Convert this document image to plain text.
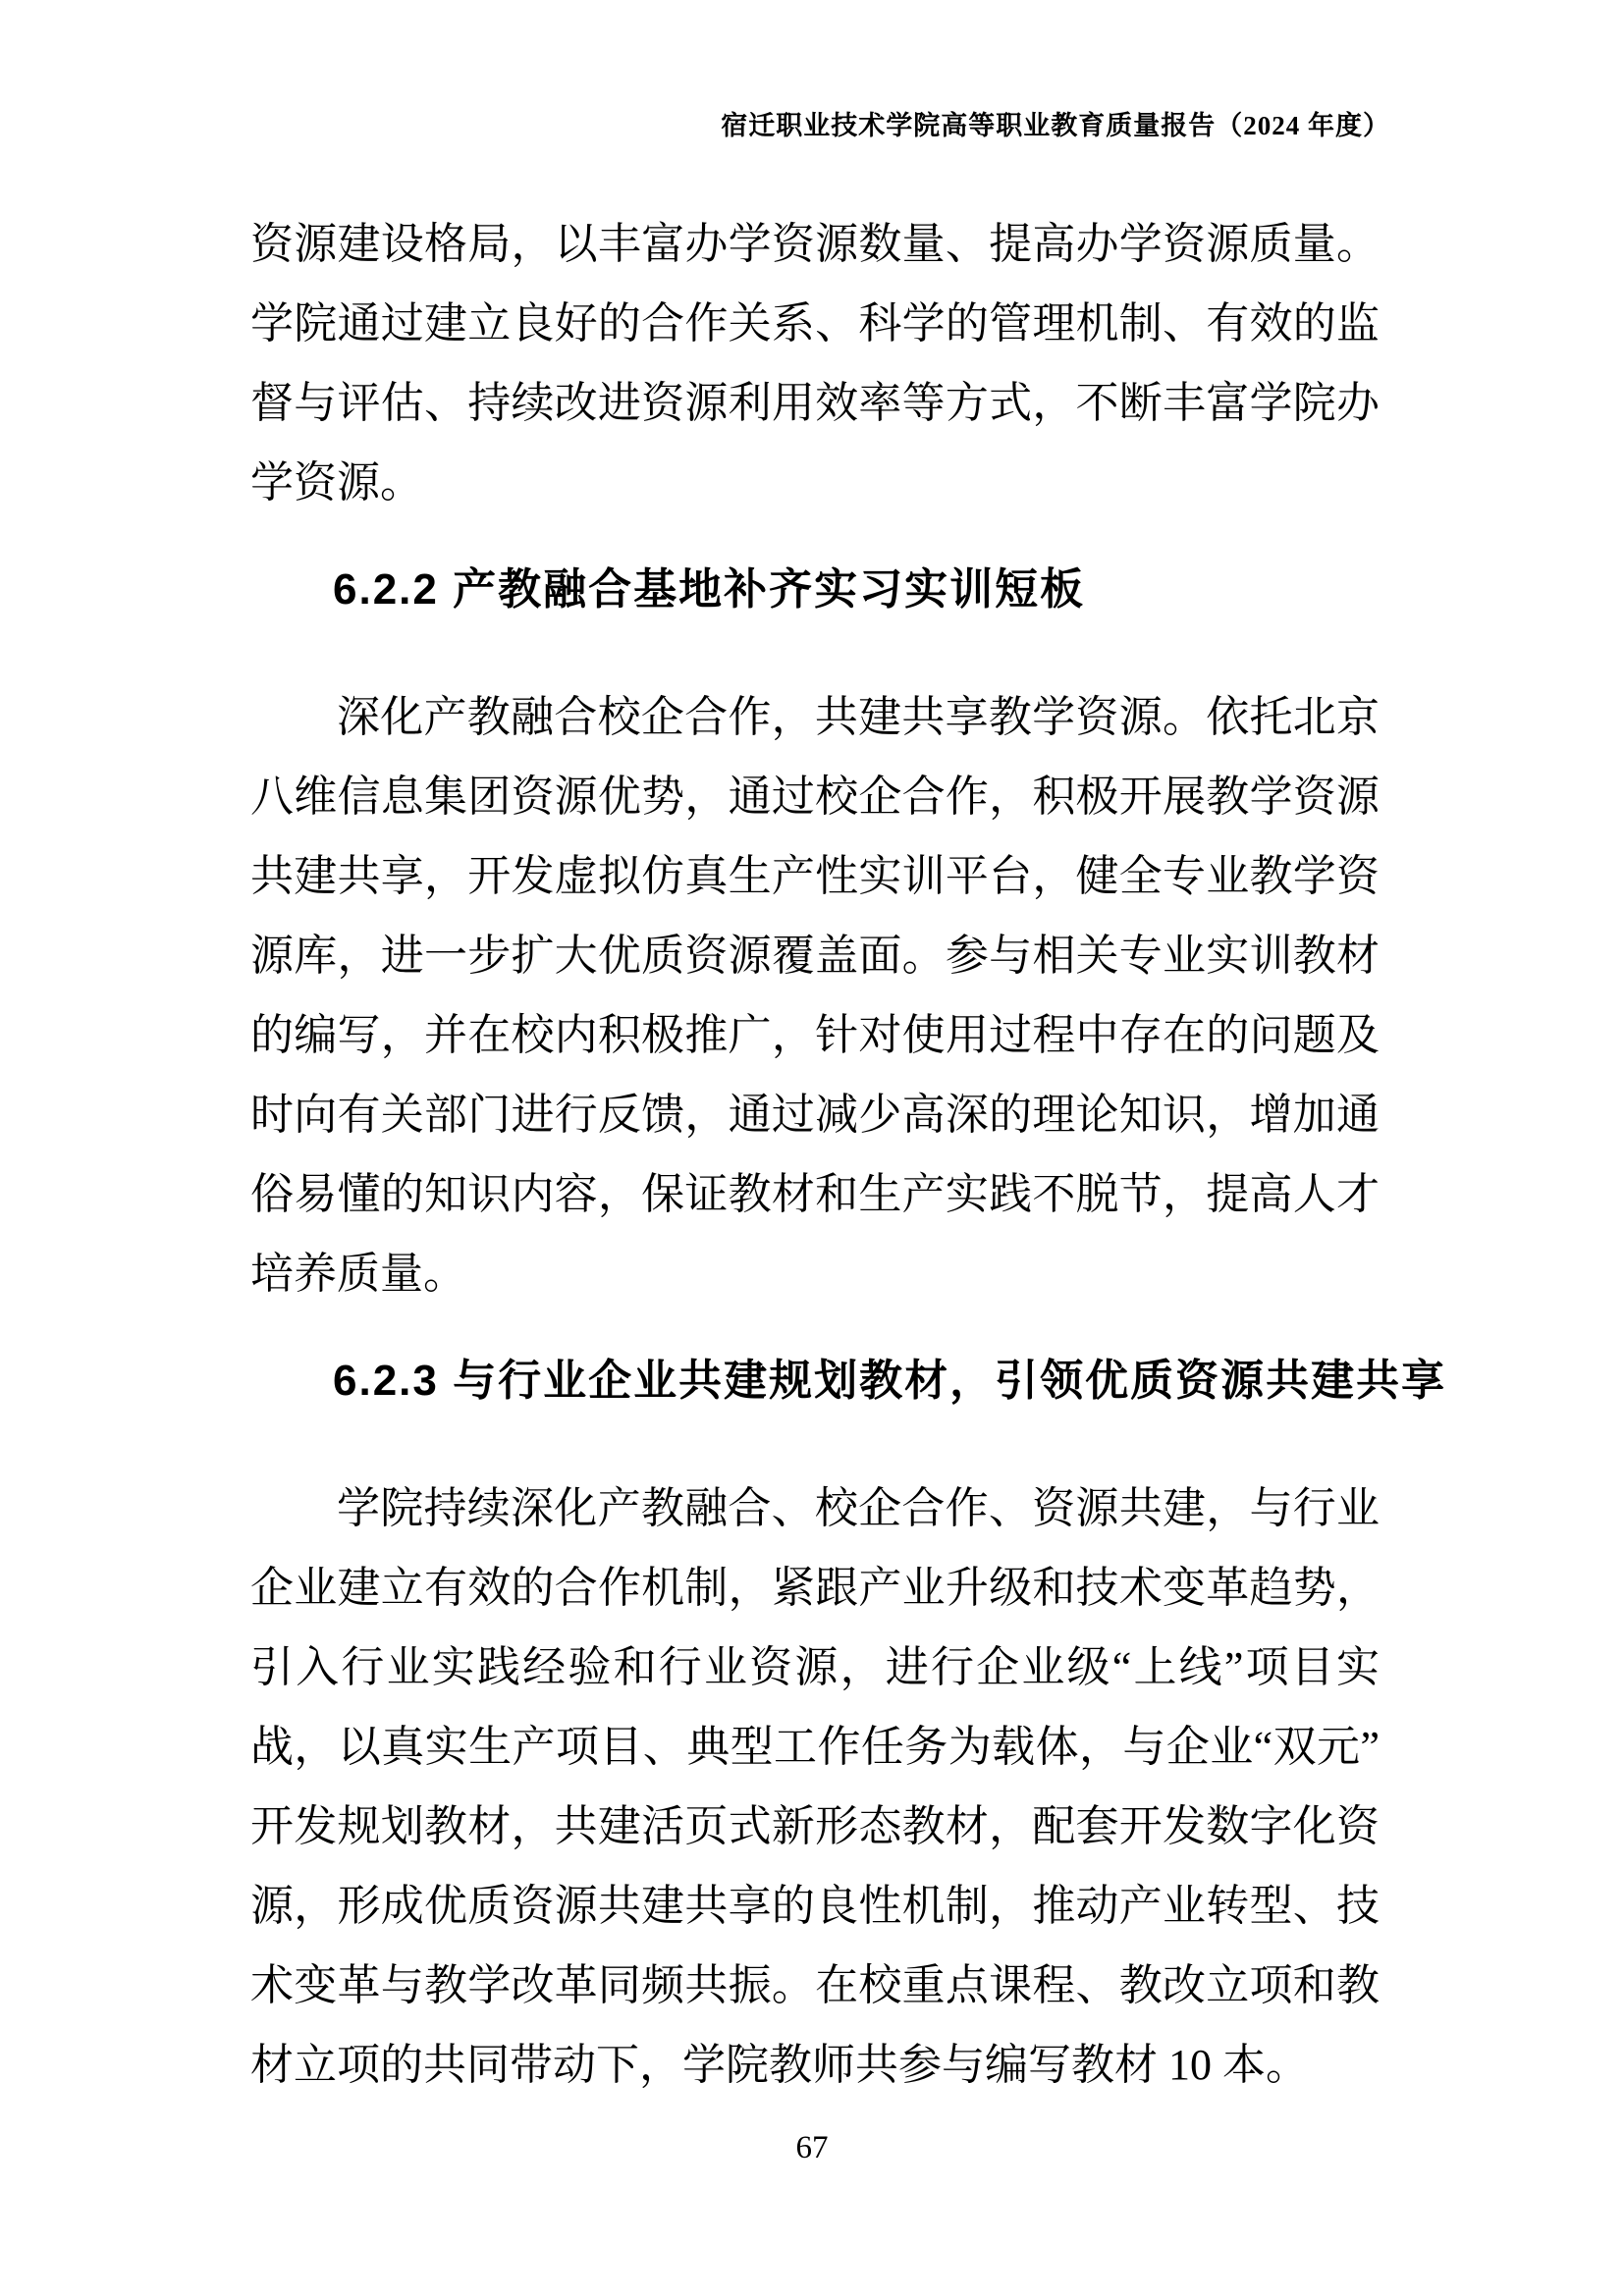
宿迁职业技术学院高等职业教育质量报告（2024 年度）
资源建设格局，以丰富办学资源数量、提高办学资源质量。
学院通过建立良好的合作关系、科学的管理机制、有效的监
督与评估、持续改进资源利用效率等方式，不断丰富学院办
学资源。
6.2.2 产教融合基地补齐实习实训短板
深化产教融合校企合作，共建共享教学资源。依托北京
八维信息集团资源优势，通过校企合作，积极开展教学资源
共建共享，开发虚拟仿真生产性实训平台，健全专业教学资
源库，进一步扩大优质资源覆盖面。参与相关专业实训教材
的编写，并在校内积极推广，针对使用过程中存在的问题及
时向有关部门进行反馈，通过减少高深的理论知识，增加通
俗易懂的知识内容，保证教材和生产实践不脱节，提高人才
培养质量。
6.2.3 与行业企业共建规划教材，引领优质资源共建共享
学院持续深化产教融合、校企合作、资源共建，与行业
企业建立有效的合作机制，紧跟产业升级和技术变革趋势，
引入行业实践经验和行业资源，进行企业级“上线”项目实
战，以真实生产项目、典型工作任务为载体，与企业“双元”
开发规划教材，共建活页式新形态教材，配套开发数字化资
源，形成优质资源共建共享的良性机制，推动产业转型、技
术变革与教学改革同频共振。在校重点课程、教改立项和教
材立项的共同带动下，学院教师共参与编写教材 10 本。
67
